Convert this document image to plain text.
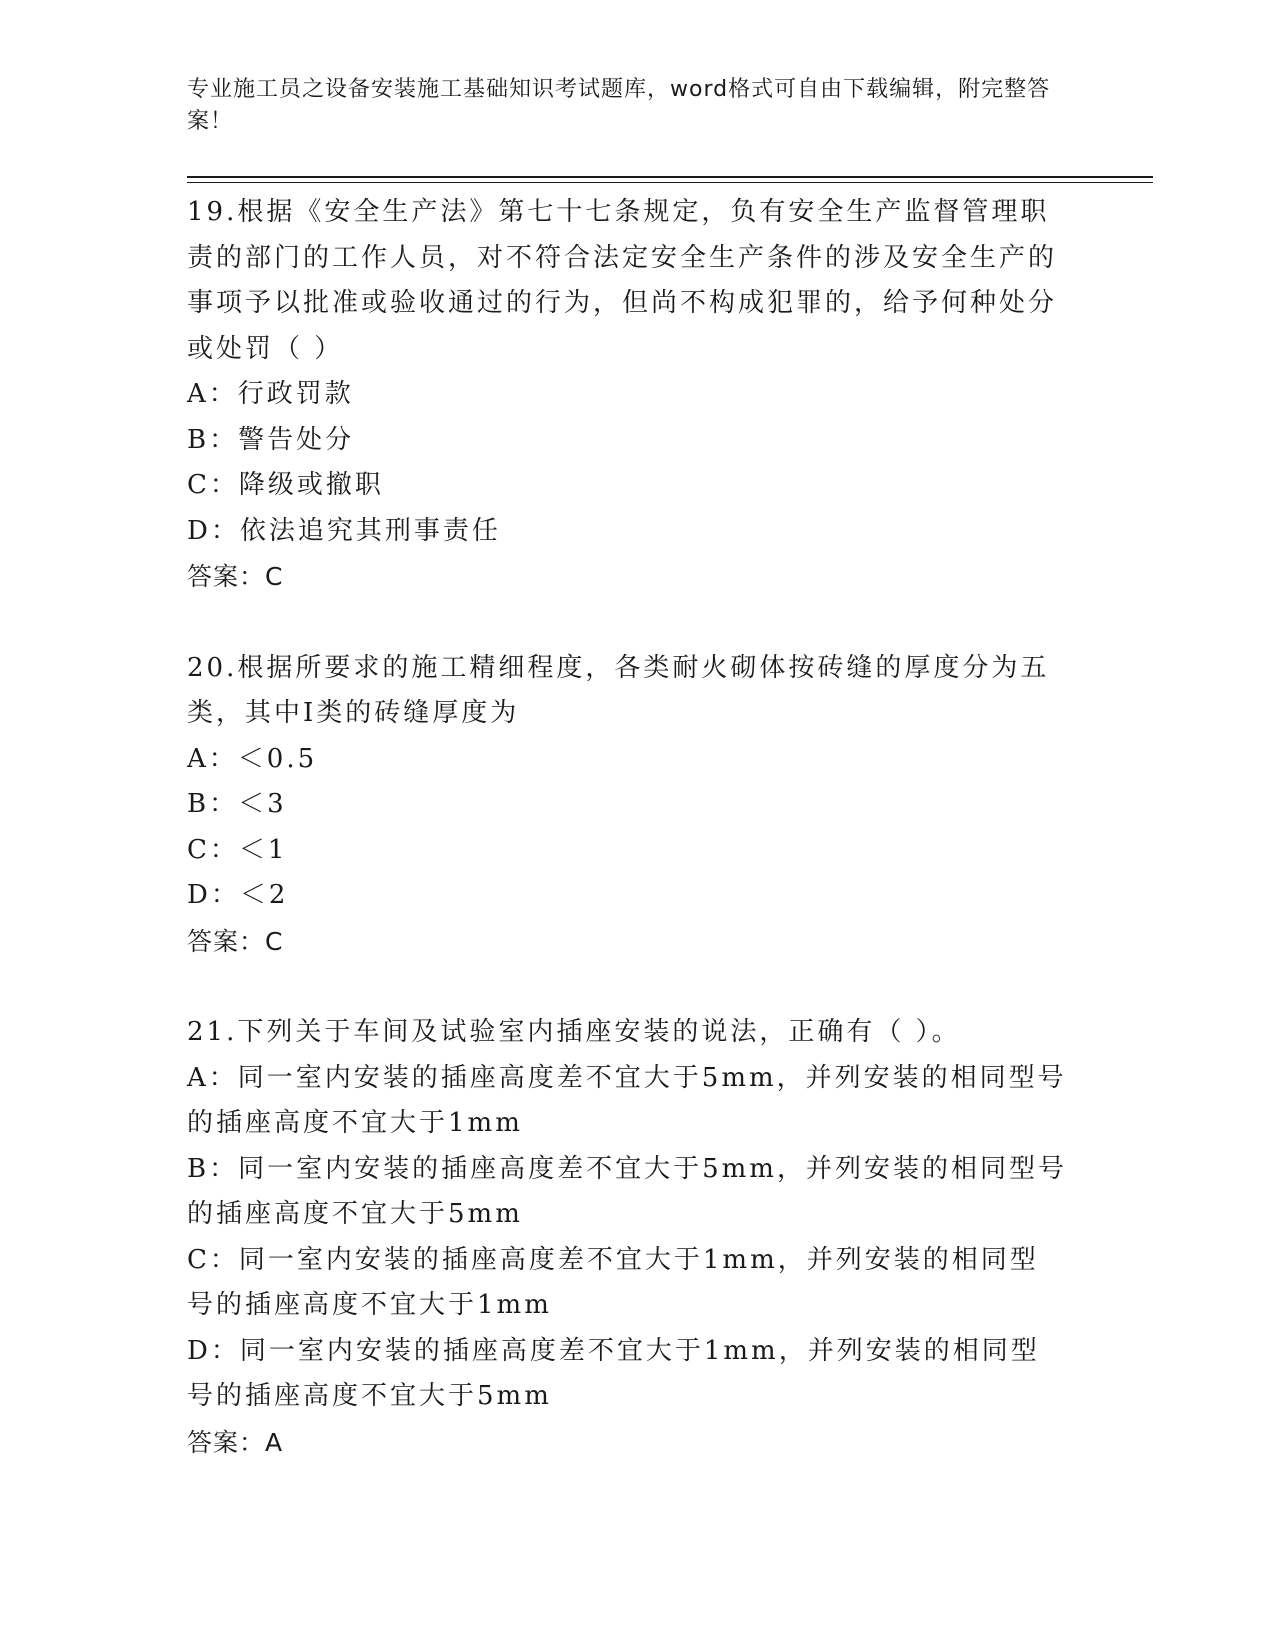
专业施工员之设备安装施工基础知识考试题库，word格式可自由下载编辑，附完整答案！
19.根据《安全生产法》第七十七条规定，负有安全生产监督管理职责的部门的工作人员，对不符合法定安全生产条件的涉及安全生产的事项予以批准或验收通过的行为，但尚不构成犯罪的，给予何种处分或处罚（ ）
A：行政罚款
B：警告处分
C：降级或撤职
D：依法追究其刑事责任
答案：C
20.根据所要求的施工精细程度，各类耐火砌体按砖缝的厚度分为五类，其中Ⅰ类的砖缝厚度为
A：＜0.5
B：＜3
C：＜1
D：＜2
答案：C
21.下列关于车间及试验室内插座安装的说法，正确有（ ）。
A：同一室内安装的插座高度差不宜大于5mm，并列安装的相同型号的插座高度不宜大于1mm
B：同一室内安装的插座高度差不宜大于5mm，并列安装的相同型号的插座高度不宜大于5mm
C：同一室内安装的插座高度差不宜大于1mm，并列安装的相同型号的插座高度不宜大于1mm
D：同一室内安装的插座高度差不宜大于1mm，并列安装的相同型号的插座高度不宜大于5mm
答案：A
